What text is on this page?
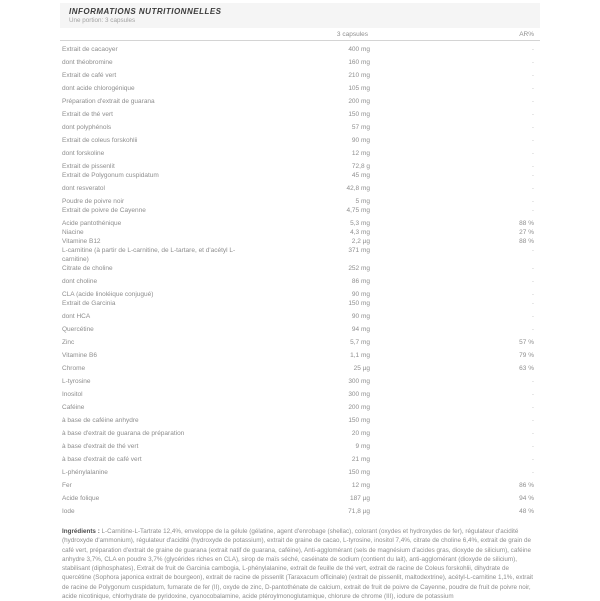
INFORMATIONS NUTRITIONNELLES
Une portion: 3 capsules
3 capsules	AR%
Extrait de cacaoyer	400 mg	-
dont théobromine	160 mg	-
Extrait de café vert	210 mg	-
dont acide chlorogénique	105 mg	-
Préparation d'extrait de guarana	200 mg	-
Extrait de thé vert	150 mg	-
dont polyphénols	57 mg	-
Extrait de coleus forskohlii	90 mg	-
dont forskoline	12 mg	-
Extrait de pissenlit	72,8 g	-
Extrait de Polygonum cuspidatum	45 mg	-
dont resveratol	42,8 mg	-
Poudre de poivre noir	5 mg	-
Extrait de poivre de Cayenne	4,75 mg	-
Acide pantothénique	5,3 mg	88 %
Niacine	4,3 mg	27 %
Vitamine B12	2,2 µg	88 %
L-carnitine (à partir de L-carnitine, de L-tartare, et d'acétyl L-carnitine)
371 mg	-
Citrate de choline	252 mg	-
dont choline	86 mg	-
CLA (acide linoléique conjugué)	90 mg	-
Extrait de Garcinia	150 mg	-
dont HCA	90 mg	-
Quercétine	94 mg	-
Zinc	5,7 mg	57 %
Vitamine B6	1,1 mg	79 %
Chrome	25 µg	63 %
L-tyrosine	300 mg	-
Inositol	300 mg	-
Caféine	200 mg	-
à base de caféine anhydre	150 mg	-
à base d'extrait de guarana de préparation	20 mg	-
à base d'extrait de thé vert	9 mg	-
à base d'extrait de café vert	21 mg	-
L-phénylalanine	150 mg	-
Fer	12 mg	86 %
Acide folique	187 µg	94 %
Iode	71,8 µg	48 %

Ingrédients : L-Carnitine-L-Tartrate 12,4%, enveloppe de la gélule (gélatine, agent d'enrobage (shellac), colorant (oxydes et hydroxydes de fer), régulateur d'acidité (hydroxyde d'ammonium), régulateur d'acidité (hydroxyde de potassium), extrait de graine de cacao, L-tyrosine, inositol 7,4%, citrate de choline 6,4%, extrait de grain de café vert, préparation d'extrait de graine de guarana (extrait natif de guarana, caféine), Anti-agglomérant (sels de magnésium d'acides gras, dioxyde de silicium), caféine anhydre 3,7%, CLA en poudre 3,7% (glycérides riches en CLA), sirop de maïs séché, caséinate de sodium (contient du lait), anti-agglomérant (dioxyde de silicium), stabilisant (diphosphates), Extrait de fruit de Garcinia cambogia, L-phénylalanine, extrait de feuille de thé vert, extrait de racine de Coleus forskohlii, dihydrate de quercétine (Sophora japonica extrait de bourgeon), extrait de racine de pissenlit (Taraxacum officinale) (extrait de pissenlit, maltodextrine), acétyl-L-carnitine 1,1%, extrait de racine de Polygonum cuspidatum, fumarate de fer (II), oxyde de zinc, D-pantothénate de calcium, extrait de fruit de poivre de Cayenne, poudre de fruit de poivre noir, acide nicotinique, chlorhydrate de pyridoxine, cyanocobalamine, acide ptéroylmonoglutamique, chlorure de chrome (III), iodure de potassium
